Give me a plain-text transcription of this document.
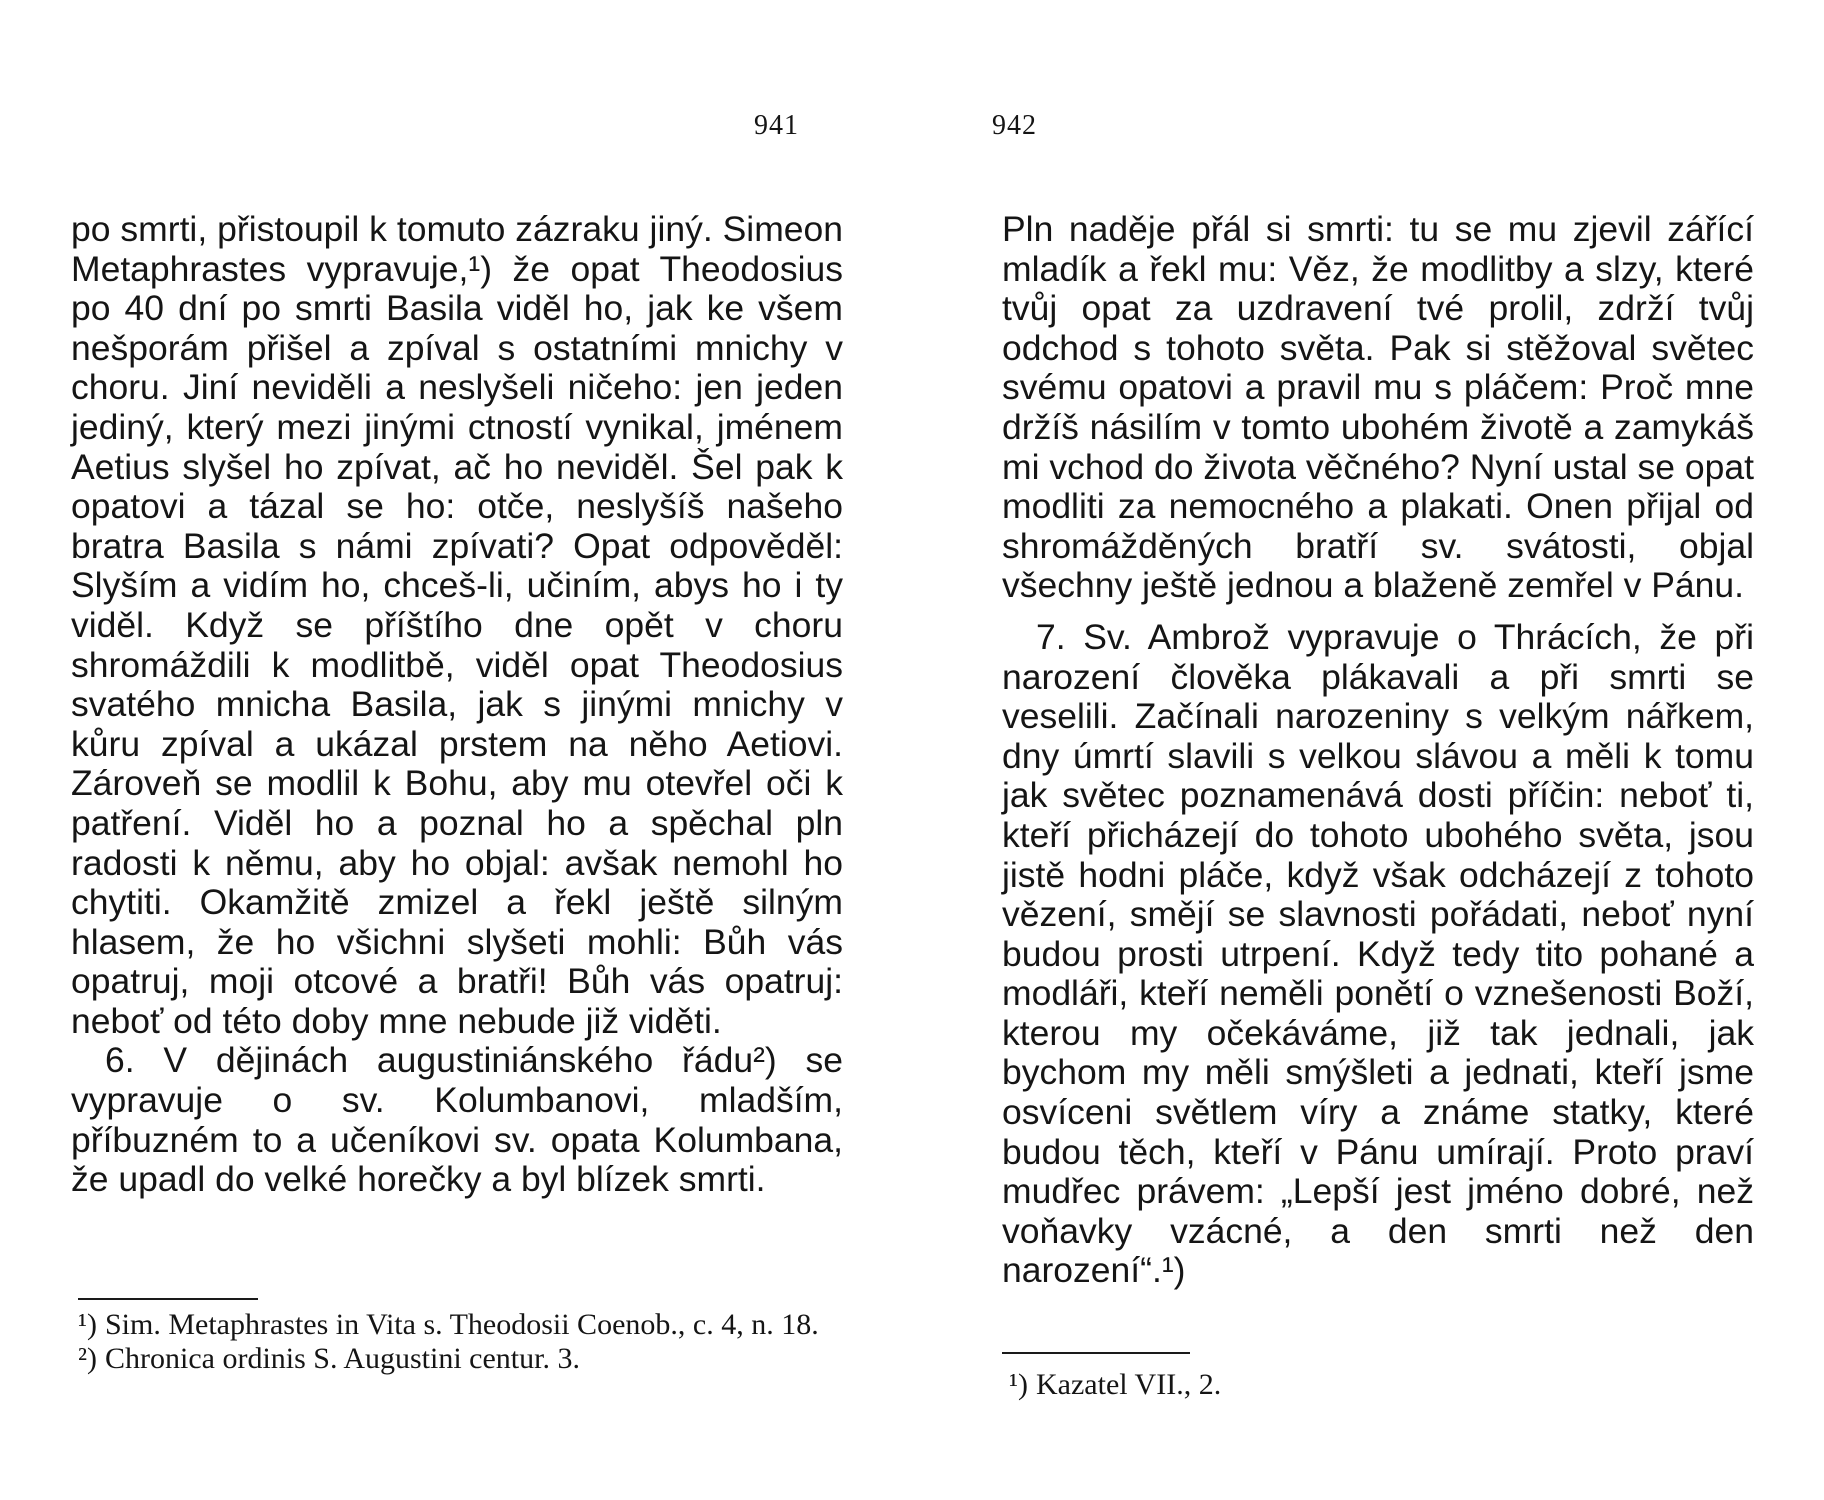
941	942

po smrti, přistoupil k tomuto zázraku jiný. Simeon Metaphrastes vypravuje,¹) že opat Theodosius po 40 dní po smrti Basila viděl ho, jak ke všem nešporám přišel a zpíval s ostatními mnichy v choru. Jiní neviděli a neslyšeli ničeho: jen jeden jediný, který mezi jinými ctností vynikal, jménem Aetius slyšel ho zpívat, ač ho neviděl. Šel pak k opatovi a tázal se ho: otče, neslyšíš našeho bratra Basila s námi zpívati? Opat odpověděl: Slyším a vidím ho, chceš-li, učiním, abys ho i ty viděl. Když se příštího dne opět v choru shromáždili k modlitbě, viděl opat Theodosius svatého mnicha Basila, jak s jinými mnichy v kůru zpíval a ukázal prstem na něho Aetiovi. Zároveň se modlil k Bohu, aby mu otevřel oči k patření. Viděl ho a poznal ho a spěchal pln radosti k němu, aby ho objal: avšak nemohl ho chytiti. Okamžitě zmizel a řekl ještě silným hlasem, že ho všichni slyšeti mohli: Bůh vás opatruj, moji otcové a bratři! Bůh vás opatruj: neboť od této doby mne nebude již viděti.

6. V dějinách augustiniánského řádu²) se vypravuje o sv. Kolumbanovi, mladším, příbuzném to a učeníkovi sv. opata Kolumbana, že upadl do velké horečky a byl blízek smrti.

¹) Sim. Metaphrastes in Vita s. Theodosii Coenob., c. 4, n. 18.

²) Chronica ordinis S. Augustini centur. 3.

Pln naděje přál si smrti: tu se mu zjevil zářící mladík a řekl mu: Věz, že modlitby a slzy, které tvůj opat za uzdravení tvé prolil, zdrží tvůj odchod s tohoto světa. Pak si stěžoval světec svému opatovi a pravil mu s pláčem: Proč mne držíš násilím v tomto ubohém životě a zamykáš mi vchod do života věčného? Nyní ustal se opat modliti za nemocného a plakati. Onen přijal od shromážděných bratří sv. svátosti, objal všechny ještě jednou a blaženě zemřel v Pánu.

7. Sv. Ambrož vypravuje o Thrácích, že při narození člověka plákavali a při smrti se veselili. Začínali narozeniny s velkým nářkem, dny úmrtí slavili s velkou slávou a měli k tomu jak světec poznamenává dosti příčin: neboť ti, kteří přicházejí do tohoto ubohého světa, jsou jistě hodni pláče, když však odcházejí z tohoto vězení, smějí se slavnosti pořádati, neboť nyní budou prosti utrpení. Když tedy tito pohané a modláři, kteří neměli ponětí o vznešenosti Boží, kterou my očekáváme, již tak jednali, jak bychom my měli smýšleti a jednati, kteří jsme osvíceni světlem víry a známe statky, které budou těch, kteří v Pánu umírají. Proto praví mudřec právem: „Lepší jest jméno dobré, než voňavky vzácné, a den smrti než den narození“.¹)

¹) Kazatel VII., 2.
